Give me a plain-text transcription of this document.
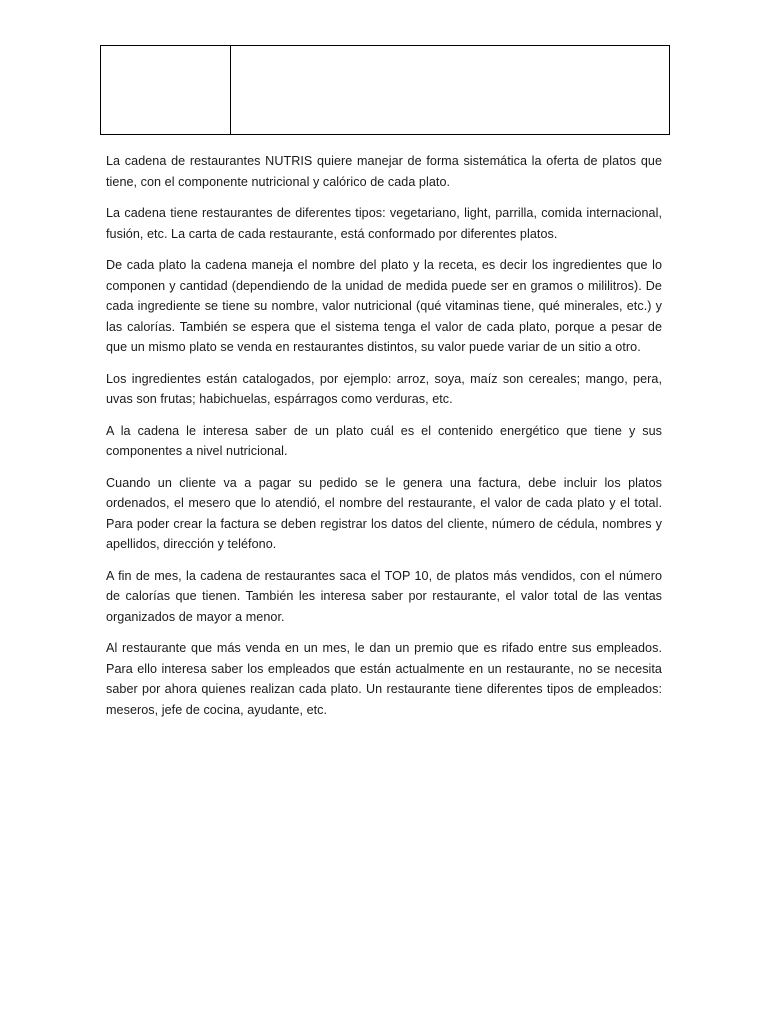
La cadena de restaurantes NUTRIS quiere manejar de forma sistemática la oferta de platos que tiene, con el componente nutricional y calórico de cada plato.

La cadena tiene restaurantes de diferentes tipos: vegetariano, light, parrilla, comida internacional, fusión, etc. La carta de cada restaurante, está conformado por diferentes platos.

De cada plato la cadena maneja el nombre del plato y la receta, es decir los ingredientes que lo componen y cantidad (dependiendo de la unidad de medida puede ser en gramos o mililitros). De cada ingrediente se tiene su nombre, valor nutricional (qué vitaminas tiene, qué minerales, etc.) y las calorías. También se espera que el sistema tenga el valor de cada plato, porque a pesar de que un mismo plato se venda en restaurantes distintos, su valor puede variar de un sitio a otro.

Los ingredientes están catalogados, por ejemplo: arroz, soya, maíz son cereales; mango, pera, uvas son frutas; habichuelas, espárragos como verduras, etc.

A la cadena le interesa saber de un plato cuál es el contenido energético que tiene y sus componentes a nivel nutricional.

Cuando un cliente va a pagar su pedido se le genera una factura, debe incluir los platos ordenados, el mesero que lo atendió, el nombre del restaurante, el valor de cada plato y el total. Para poder crear la factura se deben registrar los datos del cliente, número de cédula, nombres y apellidos, dirección y teléfono.

A fin de mes, la cadena de restaurantes saca el TOP 10, de platos más vendidos, con el número de calorías que tienen. También les interesa saber por restaurante, el valor total de las ventas organizados de mayor a menor.

Al restaurante que más venda en un mes, le dan un premio que es rifado entre sus empleados. Para ello interesa saber los empleados que están actualmente en un restaurante, no se necesita saber por ahora quienes realizan cada plato. Un restaurante tiene diferentes tipos de empleados: meseros, jefe de cocina, ayudante, etc.
